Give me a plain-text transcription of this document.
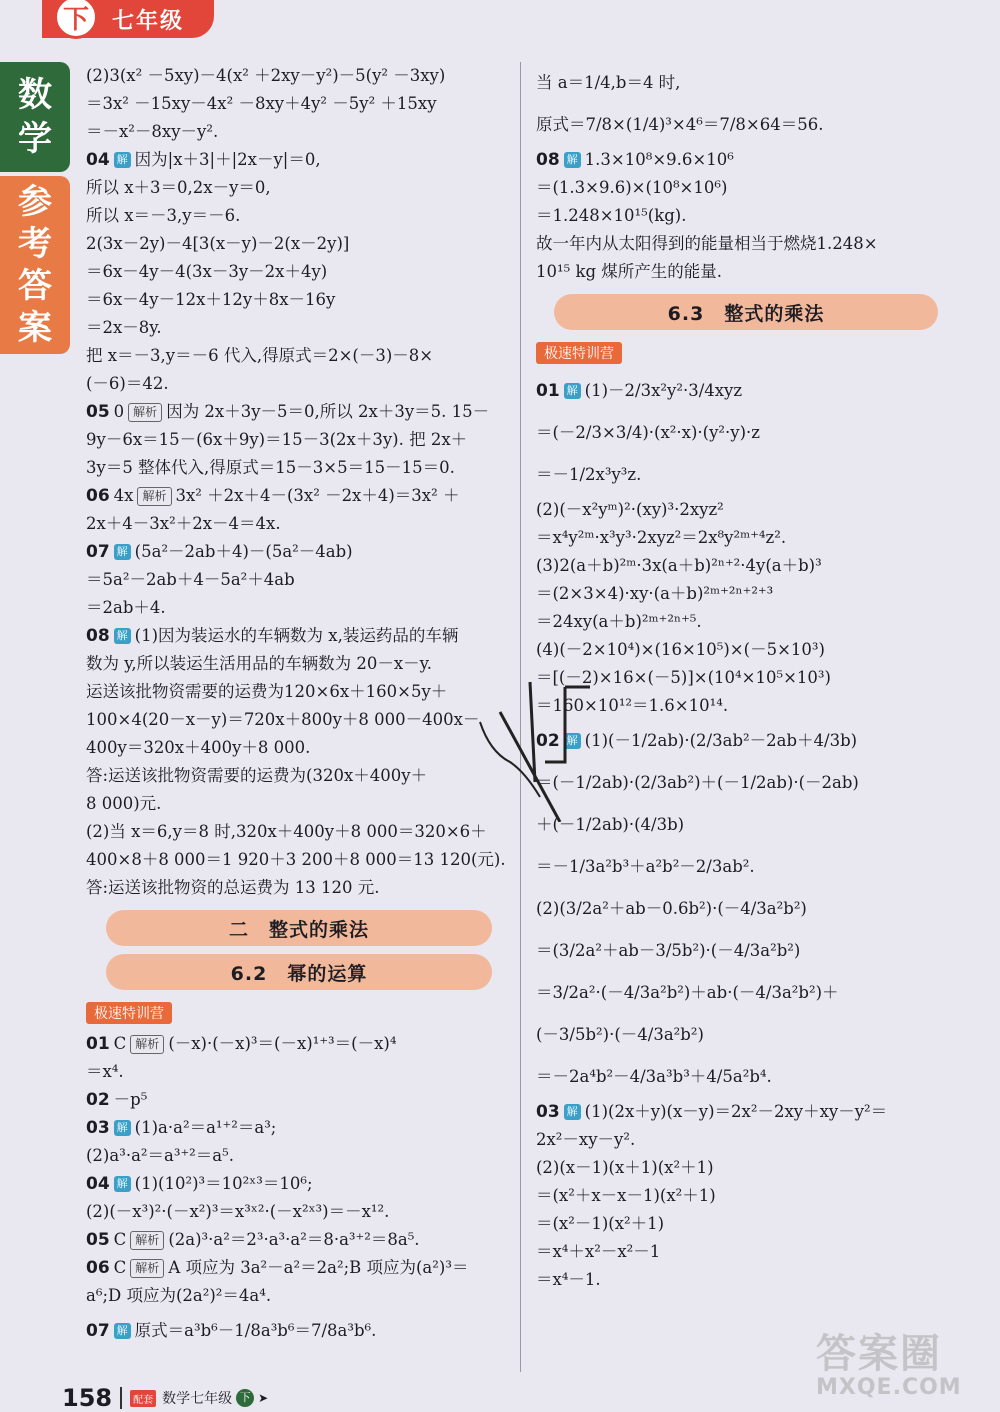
下	七年级
数
学
参
考
答
案
(2)3(x² －5xy)－4(x² ＋2xy－y²)－5(y² －3xy)
＝3x² －15xy－4x² －8xy＋4y² －5y² ＋15xy
＝－x²－8xy－y².
04 解 因为|x＋3|＋|2x－y|＝0,
所以 x＋3＝0,2x－y＝0,
所以 x＝－3,y＝－6.
2(3x－2y)－4[3(x－y)－2(x－2y)]
＝6x－4y－4(3x－3y－2x＋4y)
＝6x－4y－12x＋12y＋8x－16y
＝2x－8y.
把 x＝－3,y＝－6 代入,得原式＝2×(－3)－8×
(－6)＝42.
05 0 解析 因为 2x＋3y－5＝0,所以 2x＋3y＝5. 15－
9y－6x＝15－(6x＋9y)＝15－3(2x＋3y). 把 2x＋
3y＝5 整体代入,得原式＝15－3×5＝15－15＝0.
06 4x 解析 3x² ＋2x＋4－(3x² －2x＋4)＝3x² ＋
2x＋4－3x²＋2x－4＝4x.
07 解 (5a²－2ab＋4)－(5a²－4ab)
＝5a²－2ab＋4－5a²＋4ab
＝2ab＋4.
08 解 (1)因为装运水的车辆数为 x,装运药品的车辆
数为 y,所以装运生活用品的车辆数为 20－x－y.
运送该批物资需要的运费为120×6x＋160×5y＋
100×4(20－x－y)＝720x＋800y＋8 000－400x－
400y＝320x＋400y＋8 000.
答:运送该批物资需要的运费为(320x＋400y＋
8 000)元.
(2)当 x＝6,y＝8 时,320x＋400y＋8 000＝320×6＋
400×8＋8 000＝1 920＋3 200＋8 000＝13 120(元).
答:运送该批物资的总运费为 13 120 元.
二　整式的乘法
6.2　幂的运算
极速特训营
01 C 解析 (－x)·(－x)³＝(－x)¹⁺³＝(－x)⁴
＝x⁴.
02 －p⁵
03 解 (1)a·a²＝a¹⁺²＝a³;
(2)a³·a²＝a³⁺²＝a⁵.
04 解 (1)(10²)³＝10²ˣ³＝10⁶;
(2)(－x³)²·(－x²)³＝x³ˣ²·(－x²ˣ³)＝－x¹².
05 C 解析 (2a)³·a²＝2³·a³·a²＝8·a³⁺²＝8a⁵.
06 C 解析 A 项应为 3a²－a²＝2a²;B 项应为(a²)³＝
a⁶;D 项应为(2a²)²＝4a⁴.
07 解 原式＝a³b⁶－1/8a³b⁶＝7/8a³b⁶.
当 a＝1/4,b＝4 时,
原式＝7/8×(1/4)³×4⁶＝7/8×64＝56.
08 解 1.3×10⁸×9.6×10⁶
＝(1.3×9.6)×(10⁸×10⁶)
＝1.248×10¹⁵(kg).
故一年内从太阳得到的能量相当于燃烧1.248×
10¹⁵ kg 煤所产生的能量.
6.3　整式的乘法
极速特训营
01 解 (1)－2/3x²y²·3/4xyz
＝(－2/3×3/4)·(x²·x)·(y²·y)·z
＝－1/2x³y³z.
(2)(－x²yᵐ)²·(xy)³·2xyz²
＝x⁴y²ᵐ·x³y³·2xyz²＝2x⁸y²ᵐ⁺⁴z².
(3)2(a＋b)²ᵐ·3x(a＋b)²ⁿ⁺²·4y(a＋b)³
＝(2×3×4)·xy·(a＋b)²ᵐ⁺²ⁿ⁺²⁺³
＝24xy(a＋b)²ᵐ⁺²ⁿ⁺⁵.
(4)(－2×10⁴)×(16×10⁵)×(－5×10³)
＝[(－2)×16×(－5)]×(10⁴×10⁵×10³)
＝160×10¹²＝1.6×10¹⁴.
02 解 (1)(－1/2ab)·(2/3ab²－2ab＋4/3b)
＝(－1/2ab)·(2/3ab²)＋(－1/2ab)·(－2ab)
＋(－1/2ab)·(4/3b)
＝－1/3a²b³＋a²b²－2/3ab².
(2)(3/2a²＋ab－0.6b²)·(－4/3a²b²)
＝(3/2a²＋ab－3/5b²)·(－4/3a²b²)
＝3/2a²·(－4/3a²b²)＋ab·(－4/3a²b²)＋
(－3/5b²)·(－4/3a²b²)
＝－2a⁴b²－4/3a³b³＋4/5a²b⁴.
03 解 (1)(2x＋y)(x－y)＝2x²－2xy＋xy－y²＝
2x²－xy－y².
(2)(x－1)(x＋1)(x²＋1)
＝(x²＋x－x－1)(x²＋1)
＝(x²－1)(x²＋1)
＝x⁴＋x²－x²－1
＝x⁴－1.
158	配套 数学七年级 下 ➤
答案圈
MXQE.COM
